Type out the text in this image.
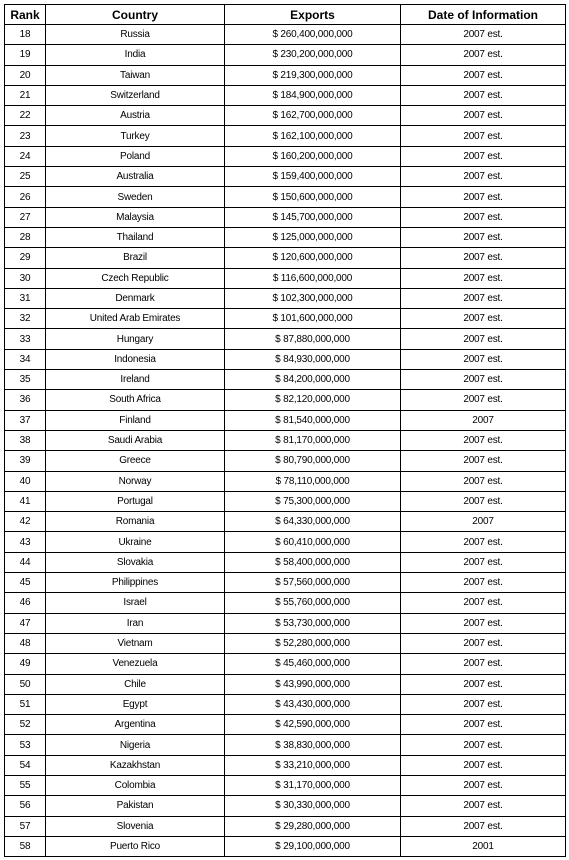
Rank	Country	Exports	Date of Information
18	Russia	$ 260,400,000,000	2007 est.
19	India	$ 230,200,000,000	2007 est.
20	Taiwan	$ 219,300,000,000	2007 est.
21	Switzerland	$ 184,900,000,000	2007 est.
22	Austria	$ 162,700,000,000	2007 est.
23	Turkey	$ 162,100,000,000	2007 est.
24	Poland	$ 160,200,000,000	2007 est.
25	Australia	$ 159,400,000,000	2007 est.
26	Sweden	$ 150,600,000,000	2007 est.
27	Malaysia	$ 145,700,000,000	2007 est.
28	Thailand	$ 125,000,000,000	2007 est.
29	Brazil	$ 120,600,000,000	2007 est.
30	Czech Republic	$ 116,600,000,000	2007 est.
31	Denmark	$ 102,300,000,000	2007 est.
32	United Arab Emirates	$ 101,600,000,000	2007 est.
33	Hungary	$ 87,880,000,000	2007 est.
34	Indonesia	$ 84,930,000,000	2007 est.
35	Ireland	$ 84,200,000,000	2007 est.
36	South Africa	$ 82,120,000,000	2007 est.
37	Finland	$ 81,540,000,000	2007
38	Saudi Arabia	$ 81,170,000,000	2007 est.
39	Greece	$ 80,790,000,000	2007 est.
40	Norway	$ 78,110,000,000	2007 est.
41	Portugal	$ 75,300,000,000	2007 est.
42	Romania	$ 64,330,000,000	2007
43	Ukraine	$ 60,410,000,000	2007 est.
44	Slovakia	$ 58,400,000,000	2007 est.
45	Philippines	$ 57,560,000,000	2007 est.
46	Israel	$ 55,760,000,000	2007 est.
47	Iran	$ 53,730,000,000	2007 est.
48	Vietnam	$ 52,280,000,000	2007 est.
49	Venezuela	$ 45,460,000,000	2007 est.
50	Chile	$ 43,990,000,000	2007 est.
51	Egypt	$ 43,430,000,000	2007 est.
52	Argentina	$ 42,590,000,000	2007 est.
53	Nigeria	$ 38,830,000,000	2007 est.
54	Kazakhstan	$ 33,210,000,000	2007 est.
55	Colombia	$ 31,170,000,000	2007 est.
56	Pakistan	$ 30,330,000,000	2007 est.
57	Slovenia	$ 29,280,000,000	2007 est.
58	Puerto Rico	$ 29,100,000,000	2001
